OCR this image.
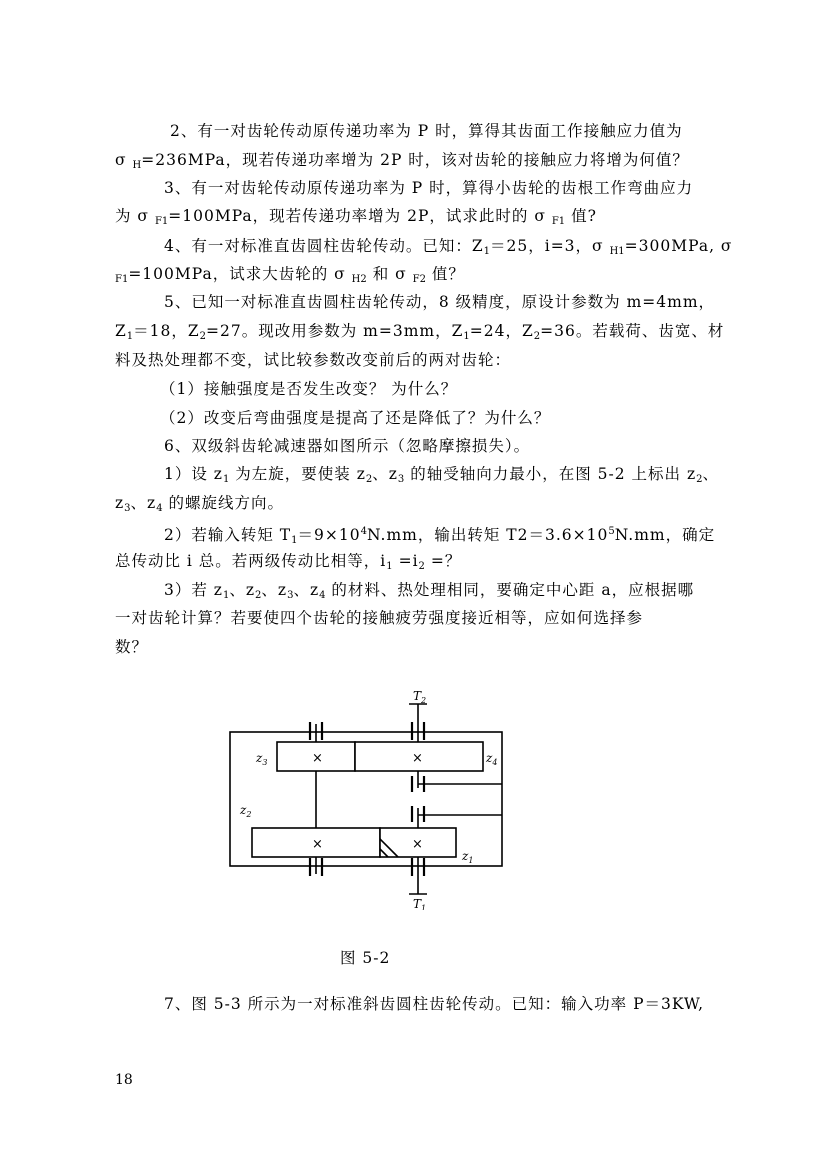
2、有一对齿轮传动原传递功率为 P 时，算得其齿面工作接触应力值为
σ $_H$=236MPa，现若传递功率增为 2P 时，该对齿轮的接触应力将增为何值？
3、有一对齿轮传动原传递功率为 P 时，算得小齿轮的齿根工作弯曲应力
为 σ $_{F1}$=100MPa，现若传递功率增为 2P，试求此时的 σ $_{F1}$ 值?
4、有一对标准直齿圆柱齿轮传动。已知：$Z_1=25$，i=3，σ $_{H1}$=300MPa, σ
$_{F1}$=100MPa，试求大齿轮的 σ $_{H2}$ 和 σ $_{F2}$ 值？
5、已知一对标准直齿圆柱齿轮传动，8 级精度，原设计参数为 m=4mm，
$Z_1=18$，$Z_2=27$。现改用参数为 m=3mm，$Z_1=24$，$Z_2=36$。若载荷、齿宽、材
料及热处理都不变，试比较参数改变前后的两对齿轮：
（1）接触强度是否发生改变？ 为什么？
（2）改变后弯曲强度是提高了还是降低了？为什么？
6、双级斜齿轮减速器如图所示（忽略摩擦损失）。
1）设 $z_1$ 为左旋，要使装 $z_2$、$z_3$ 的轴受轴向力最小，在图 5-2 上标出 $z_2$、
$z_3$、$z_4$ 的螺旋线方向。
2）若输入转矩 $T_1=9\times 10^4N.mm$，输出转矩 $T2=3.6\times 10^5N.mm$，确定
总传动比 i 总。若两级传动比相等，$i_1 =i_2$ =？
3）若 $z_1$、$z_2$、$z_3$、$z_4$ 的材料、热处理相同，要确定中心距 a，应根据哪
一对齿轮计算？若要使四个齿轮的接触疲劳强度接近相等，应如何选择参
数？
×	×
×	×
$T_2$
$T_1$
$z_3$	$z_4$
$z_2$
$z_1$
图 5-2
7、图 5-3 所示为一对标准斜齿圆柱齿轮传动。已知：输入功率 P＝3KW,
18
